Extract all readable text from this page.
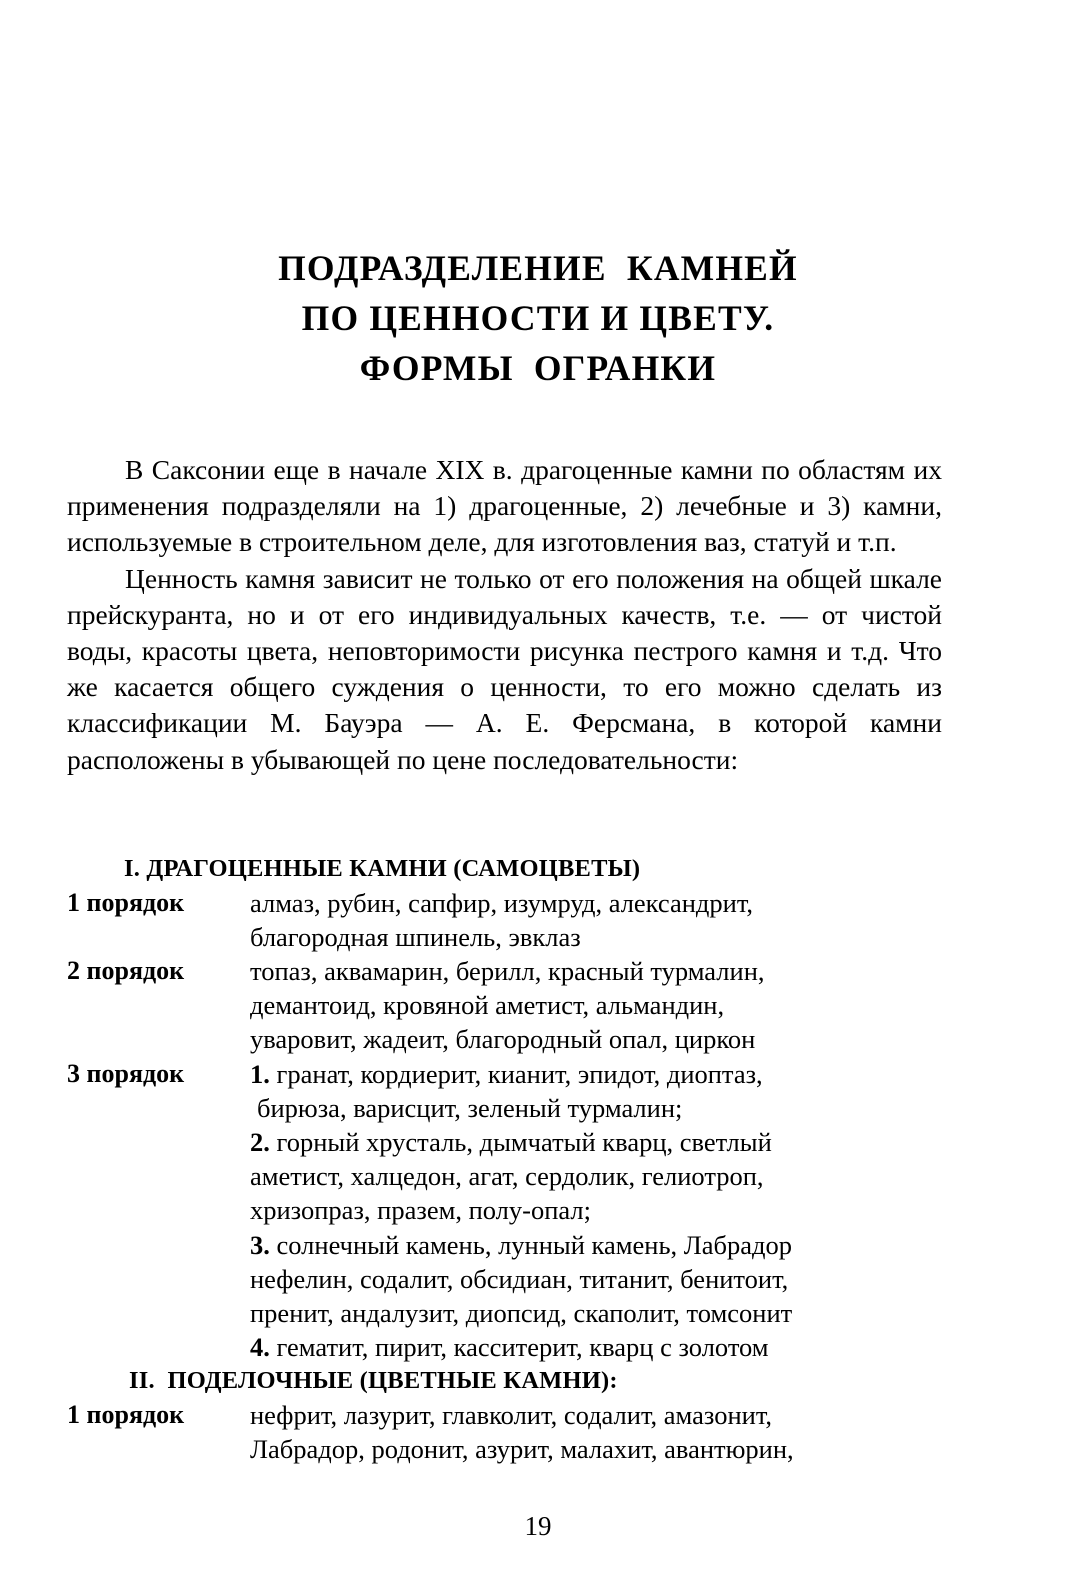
ПОДРАЗДЕЛЕНИЕ  КАМНЕЙ
ПО ЦЕННОСТИ И ЦВЕТУ.
ФОРМЫ  ОГРАНКИ

В Саксонии еще в начале XIX в. драгоценные камни по областям их применения подразделяли на 1) драгоценные, 2) лечебные и 3) камни, используемые в строительном деле, для изготовления ваз, статуй и т.п.

Ценность камня зависит не только от его положения на общей шкале прейскуранта, но и от его индивидуальных качеств, т.е. — от чистой воды, красоты цвета, неповторимости рисунка пестрого камня и т.д. Что же касается общего суждения о ценности, то его можно сделать из классификации М. Бауэра — А. Е. Ферсмана, в которой камни расположены в убывающей по цене последовательности:

I. ДРАГОЦЕННЫЕ КАМНИ (САМОЦВЕТЫ)
1 порядок	алмаз, рубин, сапфир, изумруд, александрит,
благородная шпинель, эвклаз
2 порядок	топаз, аквамарин, берилл, красный турмалин,
демантоид, кровяной аметист, альмандин,
уваровит, жадеит, благородный опал, циркон
3 порядок	1. гранат, кордиерит, кианит, эпидот, диоптаз,
бирюза, варисцит, зеленый турмалин;
2. горный хрусталь, дымчатый кварц, светлый
аметист, халцедон, агат, сердолик, гелиотроп,
хризопраз, празем, полу-опал;
3. солнечный камень, лунный камень, Лабрадор
нефелин, содалит, обсидиан, титанит, бенитоит,
пренит, андалузит, диопсид, скаполит, томсонит
4. гематит, пирит, касситерит, кварц с золотом
II.  ПОДЕЛОЧНЫЕ (ЦВЕТНЫЕ КАМНИ):
1 порядок	нефрит, лазурит, главколит, содалит, амазонит,
Лабрадор, родонит, азурит, малахит, авантюрин,
19
